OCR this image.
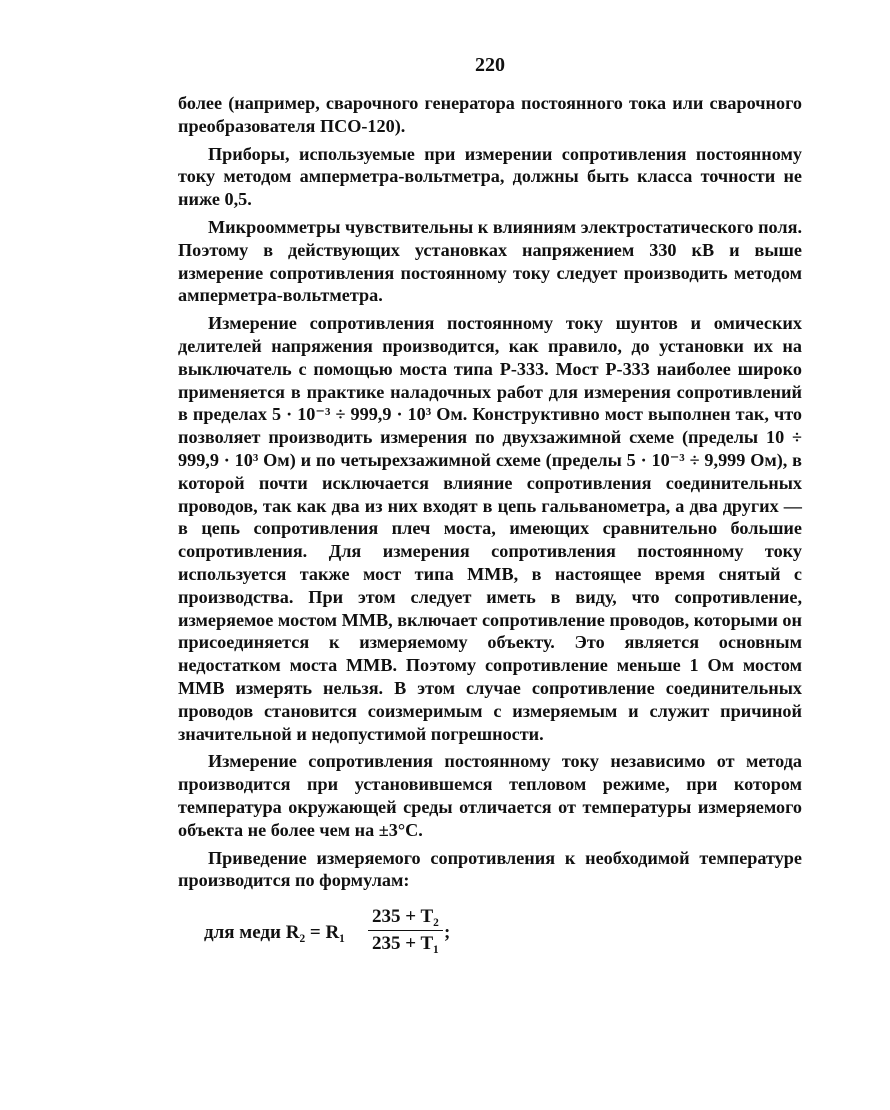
220

более (например, сварочного генератора постоянного тока или сварочного преобразователя ПСО-120).

Приборы, используемые при измерении сопротивления постоянному току методом амперметра-вольтметра, должны быть класса точности не ниже 0,5.

Микроомметры чувствительны к влияниям электростатического поля. Поэтому в действующих установках напряжением 330 кВ и выше измерение сопротивления постоянному току следует производить методом амперметра-вольтметра.

Измерение сопротивления постоянному току шунтов и омических делителей напряжения производится, как правило, до установки их на выключатель с помощью моста типа Р-333. Мост Р-333 наиболее широко применяется в практике наладочных работ для измерения сопротивлений в пределах 5 · 10⁻³ ÷ 999,9 · 10³ Ом. Конструктивно мост выполнен так, что позволяет производить измерения по двухзажимной схеме (пределы 10 ÷ 999,9 · 10³ Ом) и по четырехзажимной схеме (пределы 5 · 10⁻³ ÷ 9,999 Ом), в которой почти исключается влияние сопротивления соединительных проводов, так как два из них входят в цепь гальванометра, а два других — в цепь сопротивления плеч моста, имеющих сравнительно большие сопротивления. Для измерения сопротивления постоянному току используется также мост типа ММВ, в настоящее время снятый с производства. При этом следует иметь в виду, что сопротивление, измеряемое мостом ММВ, включает сопротивление проводов, которыми он присоединяется к измеряемому объекту. Это является основным недостатком моста ММВ. Поэтому сопротивление меньше 1 Ом мостом ММВ измерять нельзя. В этом случае сопротивление соединительных проводов становится соизмеримым с измеряемым и служит причиной значительной и недопустимой погрешности.

Измерение сопротивления постоянному току независимо от метода производится при установившемся тепловом режиме, при котором температура окружающей среды отличается от температуры измеряемого объекта не более чем на ±3°С.

Приведение измеряемого сопротивления к необходимой температуре производится по формулам:

для меди $R_2 = R_1 \frac{\text{235 + T₂}}{\text{235 + T₁}}$ ;
